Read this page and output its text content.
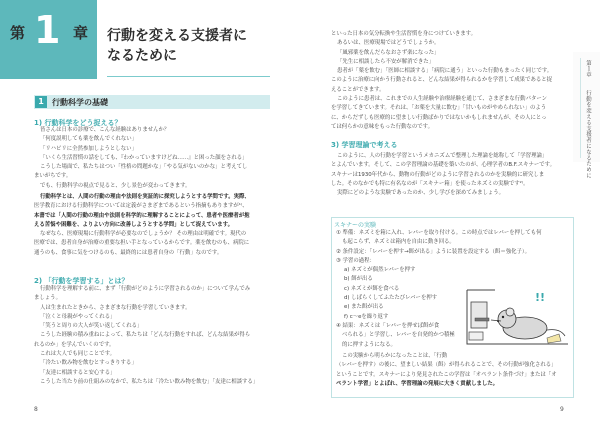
第 1 章 行動を変える支援者に
なるために
1	行動科学の基礎
1) 行動科学をどう捉える？

皆さんは日本の診療で、こんな経験はありませんか？

「何度説明しても薬を飲んでくれない」

「リハビリに全然参加しようとしない」

「いくら生活習慣の話をしても、『わかっていますけどね……』と困った顔をされる」

こうした場面で、私たちはつい「性格の問題かな」「やる気がないのかな」と考えてし

まいがちです。

でも、行動科学の視点で見ると、少し景色が変わってきます。

行動科学とは、人間の行動の理由や法則を実証的に探究しようとする学問です。実際、

医学教育における行動科学については定義がさまざまであるという指摘もありますが¹⁾、

本書では「人間の行動の理由や法則を科学的に理解することによって、患者や医療者が抱

える苦悩や困難を、よりよい方向に改善しようとする学問」として捉えています。

なぜなら、医療現場に行動科学が必要なのでしょうか？ その理由は明確です。現代の

医療では、患者自身が治療の重要な担い手となっているからです。薬を飲むのも、病院に

通うのも、食事に気をつけるのも、最終的には患者自身の「行動」なのです。

2) 「行動を学習する」とは？

行動科学を理解する前に、まず「行動がどのように学習されるのか」について学んでみ

ましょう。

人は生まれたときから、さまざまな行動を学習していきます。

「泣くと母親がやってくれる」

「笑うと周りの大人が笑い返してくれる」

こうした経験の積み重ねによって、私たちは「どんな行動をすれば、どんな結果が得ら

れるのか」を学んでいくのです。

これは大人でも同じことです。

「冷たい飲み物を飲むとすっきりする」

「友達に相談すると安心する」

こうした当たり前の仕組みのなかで、私たちは「冷たい飲み物を飲む」「友達に相談する」

8

といった日本の気分転換や生活習慣を身につけていきます。

あるいは、医療現場ではどうでしょうか。

「風邪薬を飲んだらなおさず楽になった」

「先生に相談したら不安が解消できた」

患者が「薬を飲む」「医師に相談する」「病院に通う」といった行動もまったく同じです。

このように治療に向かう行動されると、どんな結果が得られるかを学習して成果であると捉

えることができます。

このように患者は、これまでの人生経験や治療経験を通じて、さまざまな行動パターン

を学習してきています。それは、「お薬を大量に飲む」「甘いものがやめられない」のよう

に、からだずしも医療的に望ましい行動ばかりではないかもしれませんが、その人にとっ

ては何らかの意味をもった行動なのです。

3) 学習理論で考える

このように、人の行動を学習というメカニズムで整理した理論を総称して「学習理論」

とよんでいます。そして、この学習理論の基礎を築いたのが、心理学者のB.F.スキナーです。

スキナーは1930年代から、動物の行動がどのように学習されるのかを実験的に研究しま

した。そのなかでも特に有名なのが「スキナー箱」を使ったネズミの実験です²⁾。

実際にどのような実験であったのか、少し学びを深めてみましょう。

スキナーの実験

① 準備：ネズミを箱に入れ、レバーを取り付ける。この時点ではレバーを押しても何

も起こらず、ネズミは箱内を自由に動き回る。

② 条件設定：「レバーを押す→餌が出る」ように装置を設定する（餌＝強化子）。

③ 学習の過程：

a) ネズミが偶然レバーを押す

b) 餌が出る

c) ネズミが餌を食べる

d) しばらくしてふたたびレバーを押す

e) また餌が出る

f) c〜eを繰り返す

④ 結果：ネズミは「レバーを押せば餌が食

べられる」と学習し、レバーを自発的かつ積極

的に押すようになる。

この実験から明らかになったことは、「行動

（レバーを押す）の後に、望ましい結果（餌）が得られることで、その行動が強化される」

ということです。スキナーにより発見されたこの学習は「オペラント条件づけ」または「オ

ペラント学習」とよばれ、学習理論の発展に大きく貢献しました。

!!
第１章  行動を変える支援者になるために
9
